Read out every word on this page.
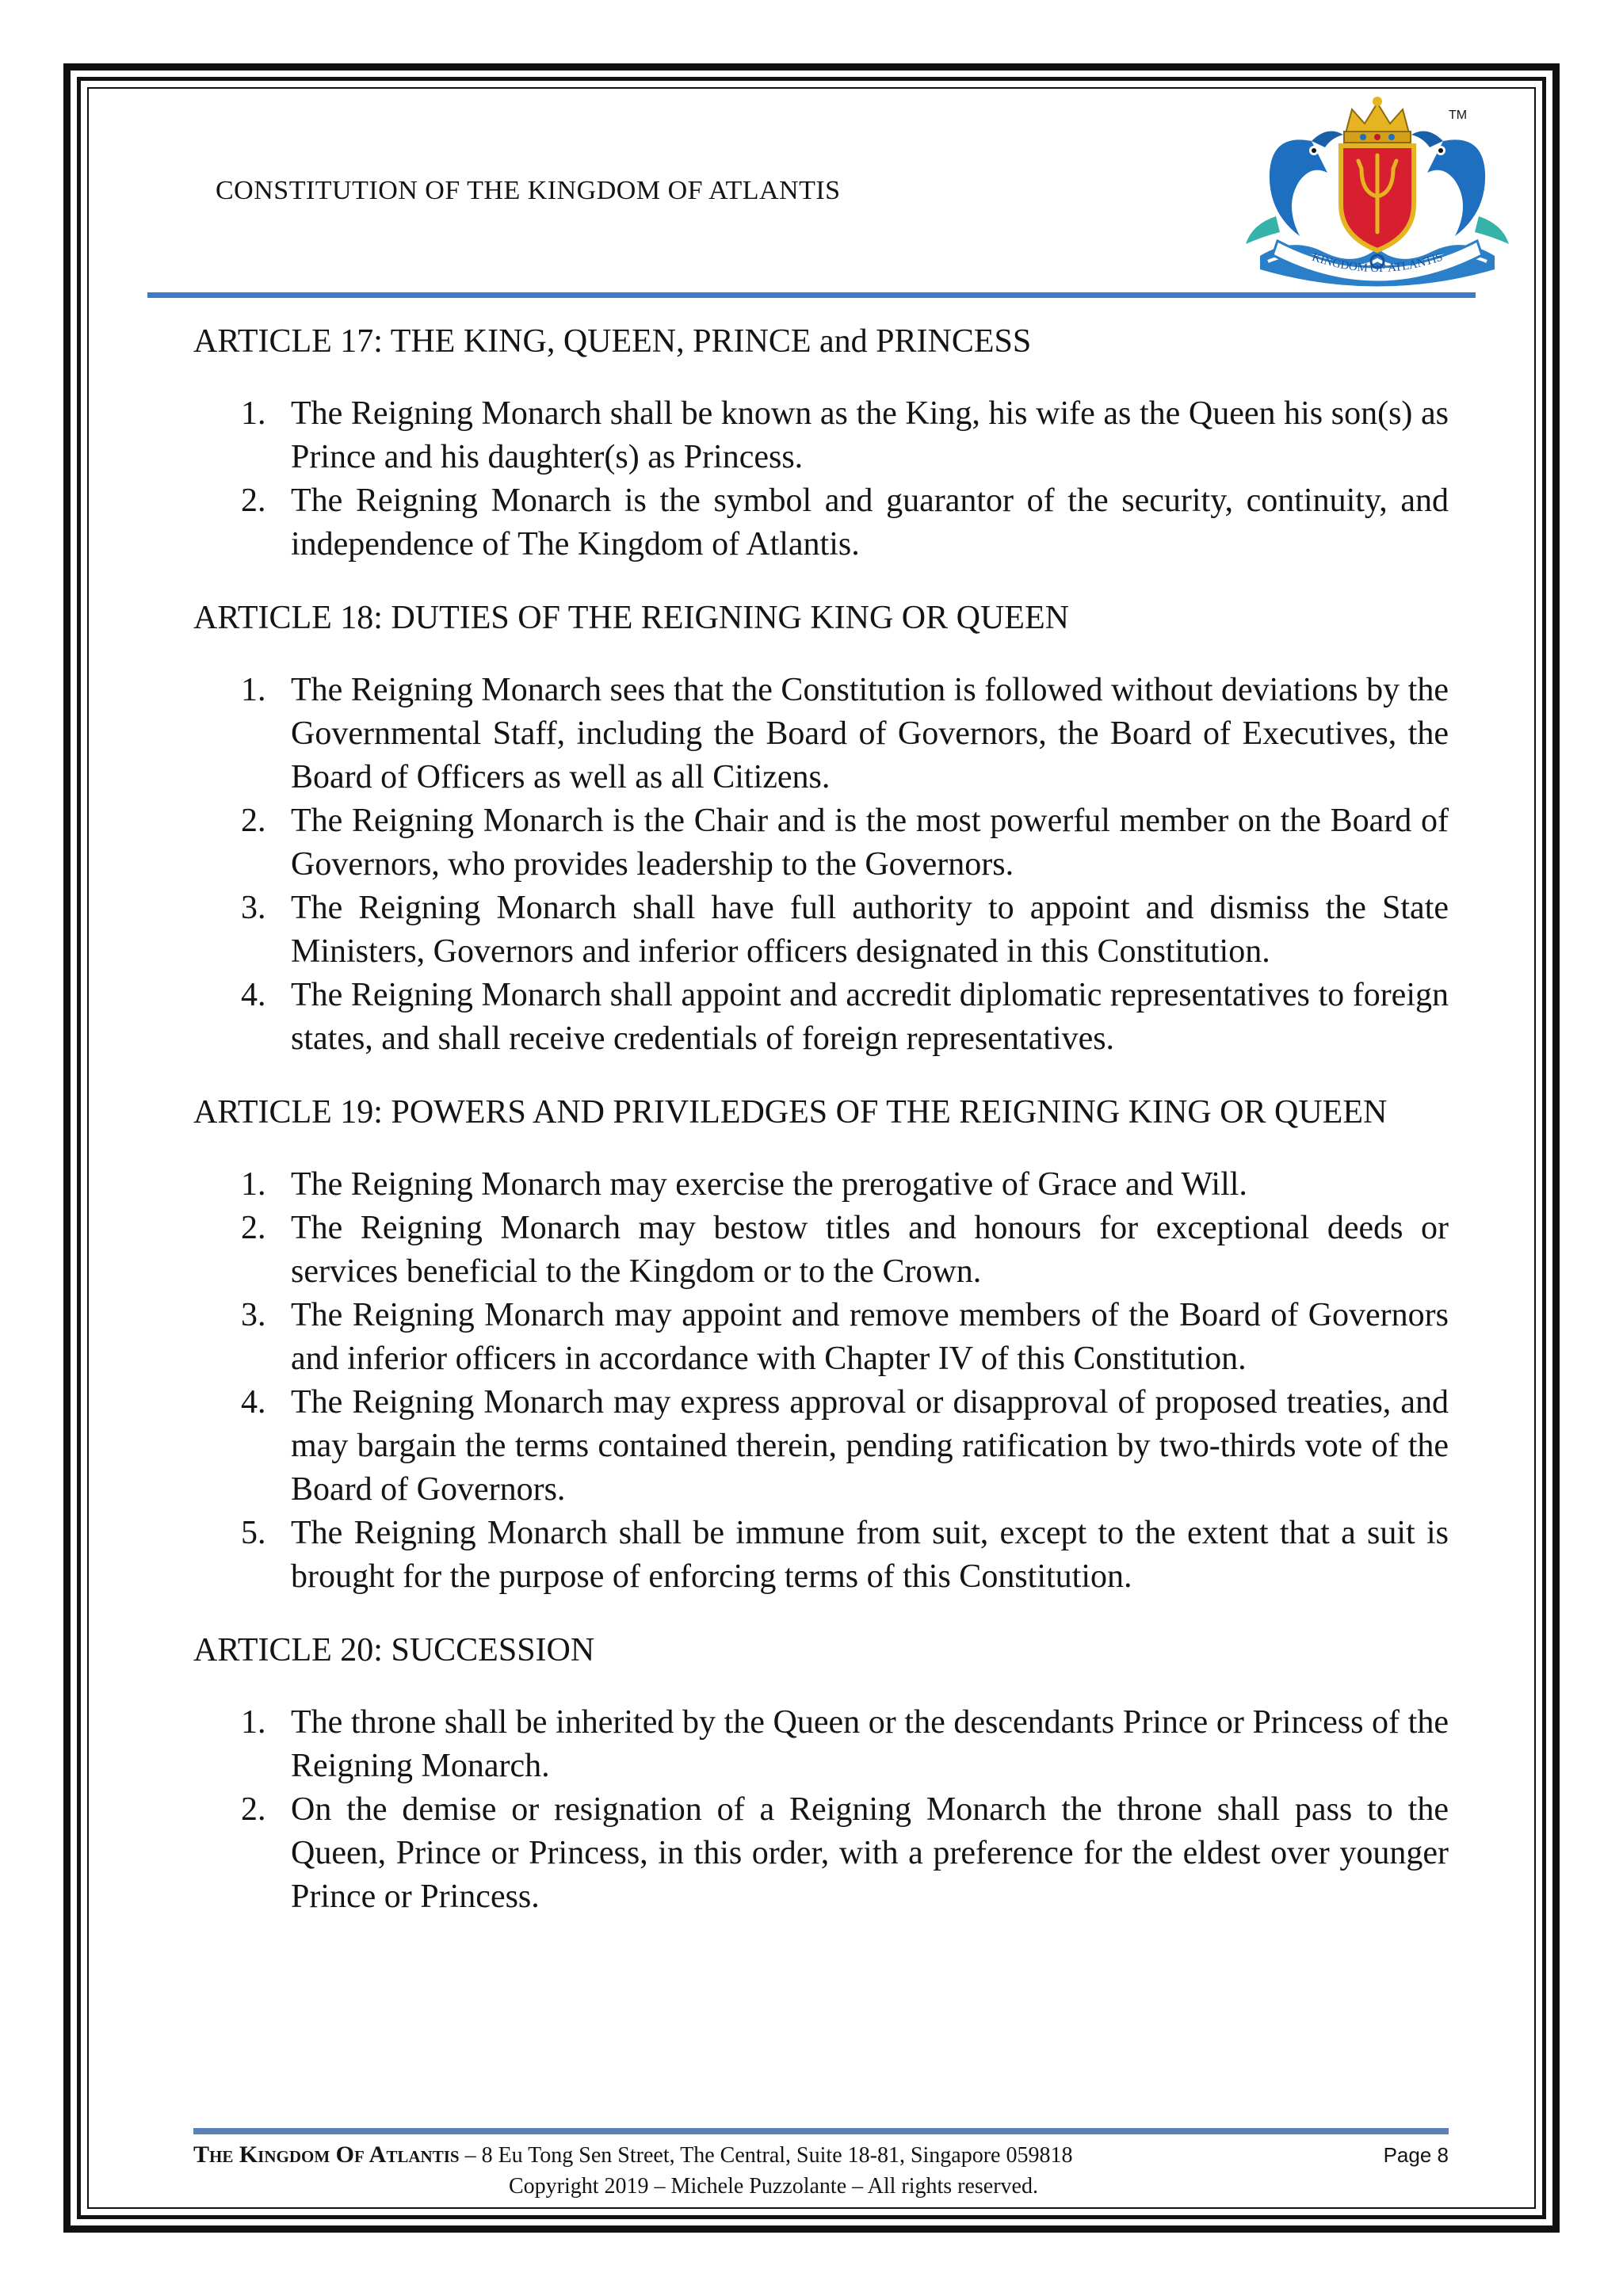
CONSTITUTION OF THE KINGDOM OF ATLANTIS
KINGDOM OF ATLANTIS
TM
ARTICLE 17: THE KING, QUEEN, PRINCE and PRINCESS
1. The Reigning Monarch shall be known as the King, his wife as the Queen his son(s) as Prince and his daughter(s) as Princess.
2. The Reigning Monarch is the symbol and guarantor of the security, continuity, and independence of The Kingdom of Atlantis.
ARTICLE 18: DUTIES OF THE REIGNING KING OR QUEEN
1. The Reigning Monarch sees that the Constitution is followed without deviations by the Governmental Staff, including the Board of Governors, the Board of Executives, the Board of Officers as well as all Citizens.
2. The Reigning Monarch is the Chair and is the most powerful member on the Board of Governors, who provides leadership to the Governors.
3. The Reigning Monarch shall have full authority to appoint and dismiss the State Ministers, Governors and inferior officers designated in this Constitution.
4. The Reigning Monarch shall appoint and accredit diplomatic representatives to foreign states, and shall receive credentials of foreign representatives.
ARTICLE 19: POWERS AND PRIVILEDGES OF THE REIGNING KING OR QUEEN
1. The Reigning Monarch may exercise the prerogative of Grace and Will.
2. The Reigning Monarch may bestow titles and honours for exceptional deeds or services beneficial to the Kingdom or to the Crown.
3. The Reigning Monarch may appoint and remove members of the Board of Governors and inferior officers in accordance with Chapter IV of this Constitution.
4. The Reigning Monarch may express approval or disapproval of proposed treaties, and may bargain the terms contained therein, pending ratification by two-thirds vote of the Board of Governors.
5. The Reigning Monarch shall be immune from suit, except to the extent that a suit is brought for the purpose of enforcing terms of this Constitution.
ARTICLE 20: SUCCESSION
1. The throne shall be inherited by the Queen or the descendants Prince or Princess of the Reigning Monarch.
2. On the demise or resignation of a Reigning Monarch the throne shall pass to the Queen, Prince or Princess, in this order, with a preference for the eldest over younger Prince or Princess.
The Kingdom Of Atlantis – 8 Eu Tong Sen Street, The Central, Suite 18-81, Singapore 059818	Page 8
Copyright 2019 – Michele Puzzolante – All rights reserved.
